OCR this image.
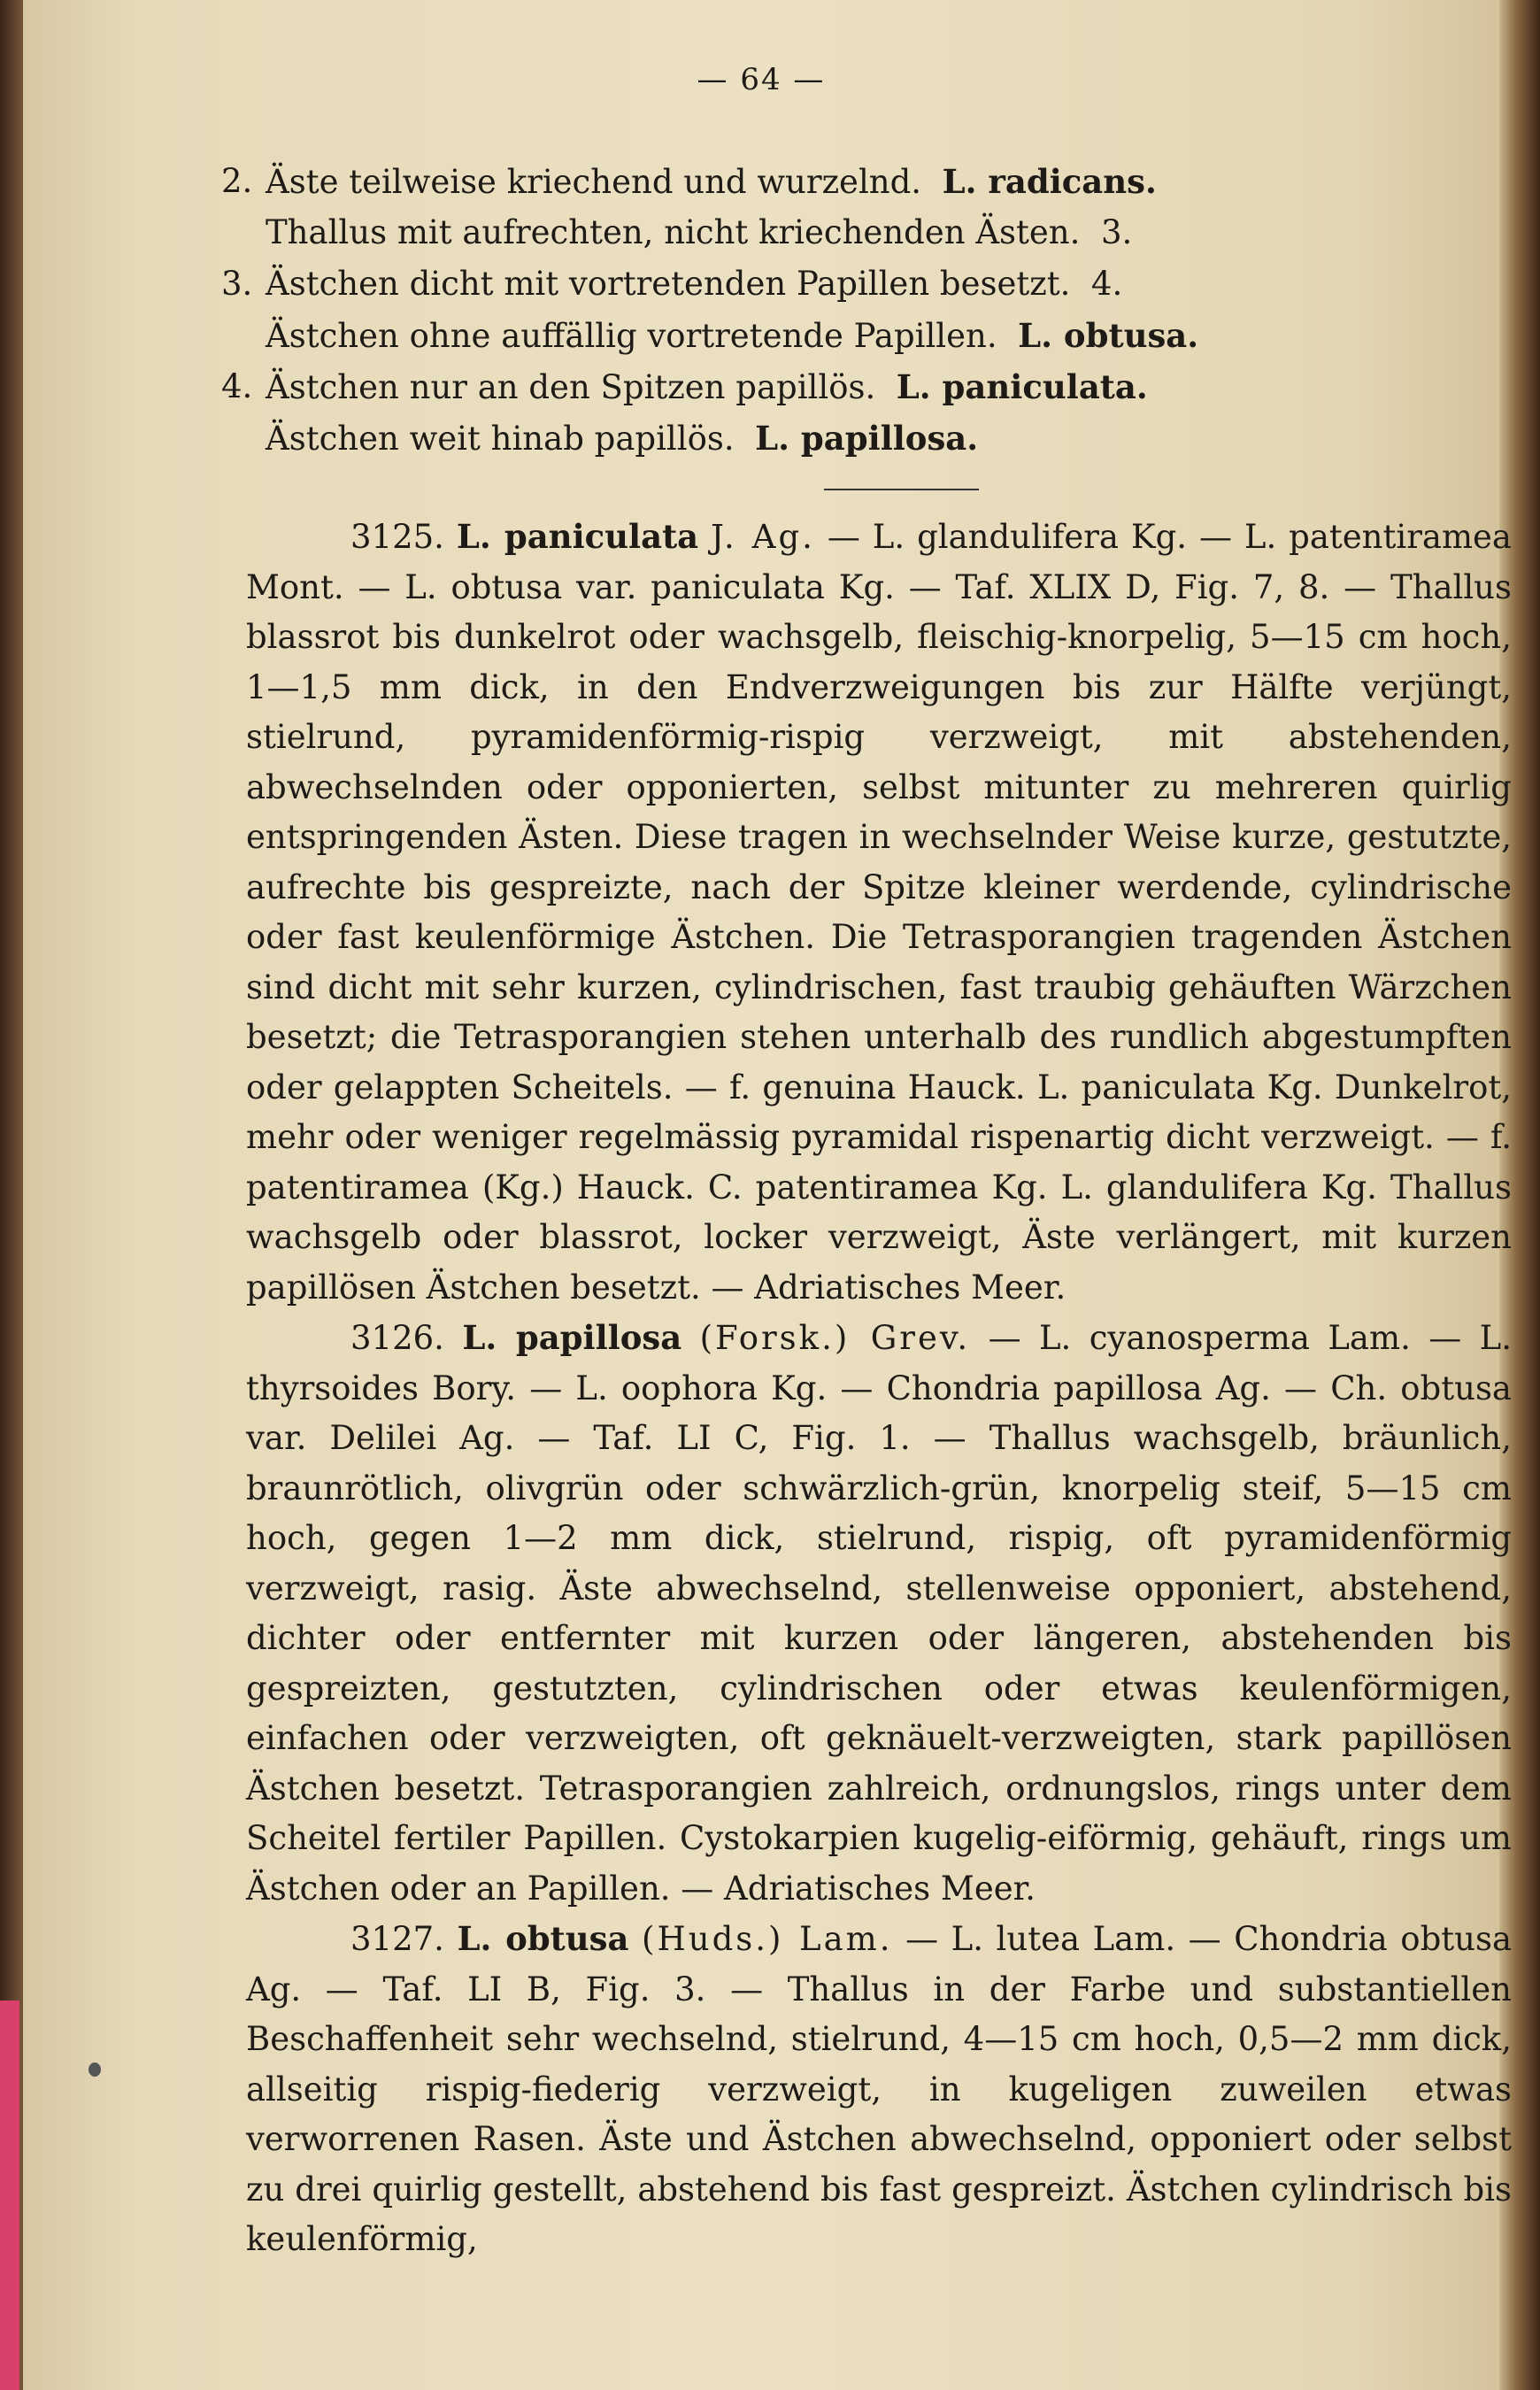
— 64 —
2. Äste teilweise kriechend und wurzelnd. L. radicans.
Thallus mit aufrechten, nicht kriechenden Ästen. 3.
3. Ästchen dicht mit vortretenden Papillen besetzt. 4.
Ästchen ohne auffällig vortretende Papillen. L. obtusa.
4. Ästchen nur an den Spitzen papillös. L. paniculata.
Ästchen weit hinab papillös. L. papillosa.

3125. L. paniculata J. Ag. — L. glandulifera Kg. — L. patentiramea Mont. — L. obtusa var. paniculata Kg. — Taf. XLIX D, Fig. 7, 8. — Thallus blassrot bis dunkelrot oder wachsgelb, fleischig-knorpelig, 5—15 cm hoch, 1—1,5 mm dick, in den Endverzweigungen bis zur Hälfte verjüngt, stielrund, pyramidenförmig-rispig verzweigt, mit abstehenden, abwechselnden oder opponierten, selbst mitunter zu mehreren quirlig entspringenden Ästen. Diese tragen in wechselnder Weise kurze, gestutzte, aufrechte bis gespreizte, nach der Spitze kleiner werdende, cylindrische oder fast keulenförmige Ästchen. Die Tetrasporangien tragenden Ästchen sind dicht mit sehr kurzen, cylindrischen, fast traubig gehäuften Wärzchen besetzt; die Tetrasporangien stehen unterhalb des rundlich abgestumpften oder gelappten Scheitels. — f. genuina Hauck. L. paniculata Kg. Dunkelrot, mehr oder weniger regelmässig pyramidal rispenartig dicht verzweigt. — f. patentiramea (Kg.) Hauck. C. patentiramea Kg. L. glandulifera Kg. Thallus wachsgelb oder blassrot, locker verzweigt, Äste verlängert, mit kurzen papillösen Ästchen besetzt. — Adriatisches Meer.

3126. L. papillosa (Forsk.) Grev. — L. cyanosperma Lam. — L. thyrsoides Bory. — L. oophora Kg. — Chondria papillosa Ag. — Ch. obtusa var. Delilei Ag. — Taf. LI C, Fig. 1. — Thallus wachsgelb, bräunlich, braunrötlich, olivgrün oder schwärzlich-grün, knorpelig steif, 5—15 cm hoch, gegen 1—2 mm dick, stielrund, rispig, oft pyramidenförmig verzweigt, rasig. Äste abwechselnd, stellenweise opponiert, abstehend, dichter oder entfernter mit kurzen oder längeren, abstehenden bis gespreizten, gestutzten, cylindrischen oder etwas keulenförmigen, einfachen oder verzweigten, oft geknäuelt-verzweigten, stark papillösen Ästchen besetzt. Tetrasporangien zahlreich, ordnungslos, rings unter dem Scheitel fertiler Papillen. Cystokarpien kugelig-eiförmig, gehäuft, rings um Ästchen oder an Papillen. — Adriatisches Meer.

3127. L. obtusa (Huds.) Lam. — L. lutea Lam. — Chondria obtusa Ag. — Taf. LI B, Fig. 3. — Thallus in der Farbe und substantiellen Beschaffenheit sehr wechselnd, stielrund, 4—15 cm hoch, 0,5—2 mm dick, allseitig rispig-fiederig verzweigt, in kugeligen zuweilen etwas verworrenen Rasen. Äste und Ästchen abwechselnd, opponiert oder selbst zu drei quirlig gestellt, abstehend bis fast gespreizt. Ästchen cylindrisch bis keulenförmig,
